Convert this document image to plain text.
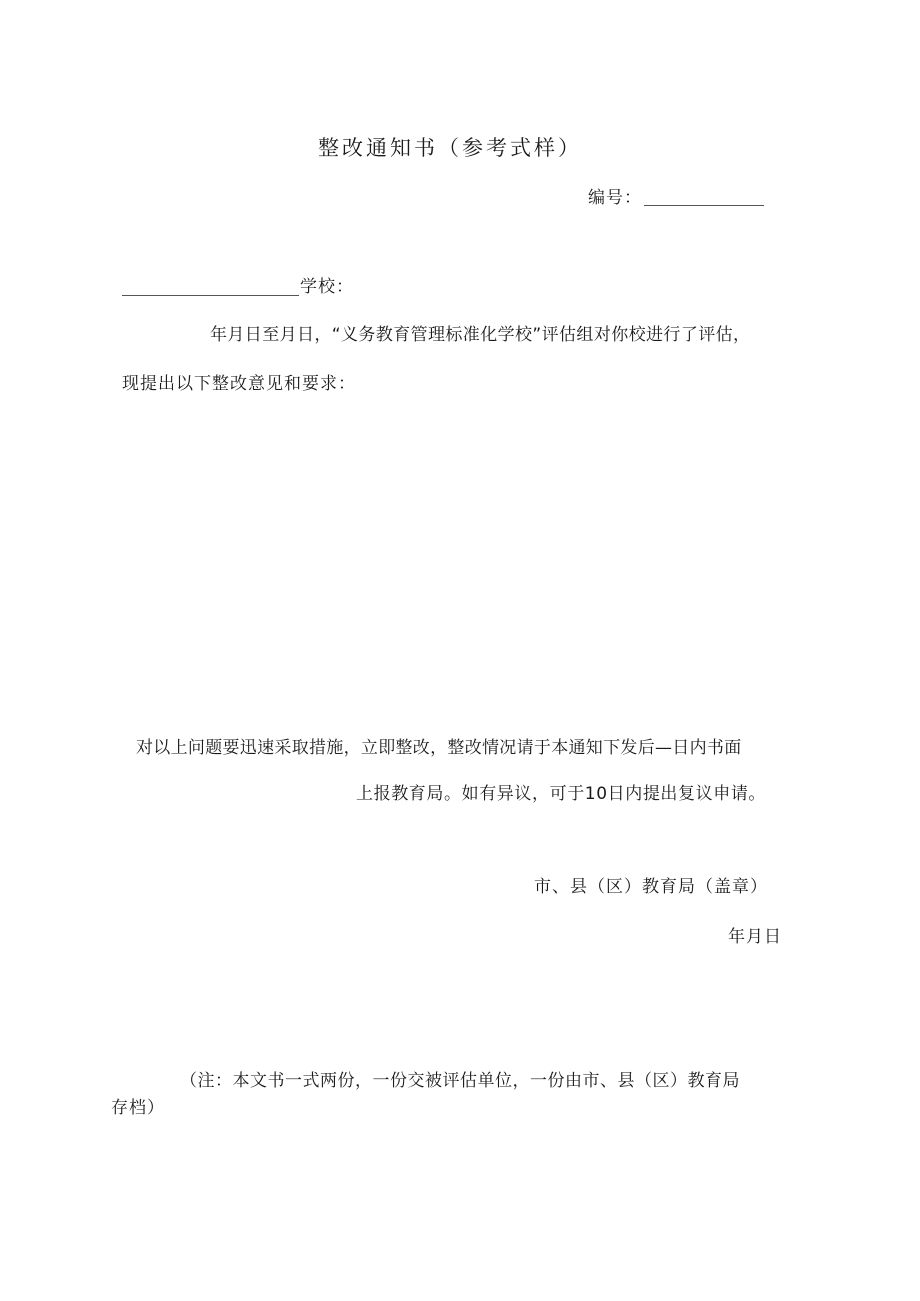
整改通知书（参考式样）
编号：
学校：
年月日至月日，“义务教育管理标准化学校”评估组对你校进行了评估，
现提出以下整改意见和要求：
对以上问题要迅速采取措施，立即整改，整改情况请于本通知下发后—日内书面
上报教育局。如有异议，可于10日内提出复议申请。
市、县（区）教育局（盖章）
年月日
（注：本文书一式两份，一份交被评估单位，一份由市、县（区）教育局
存档）
